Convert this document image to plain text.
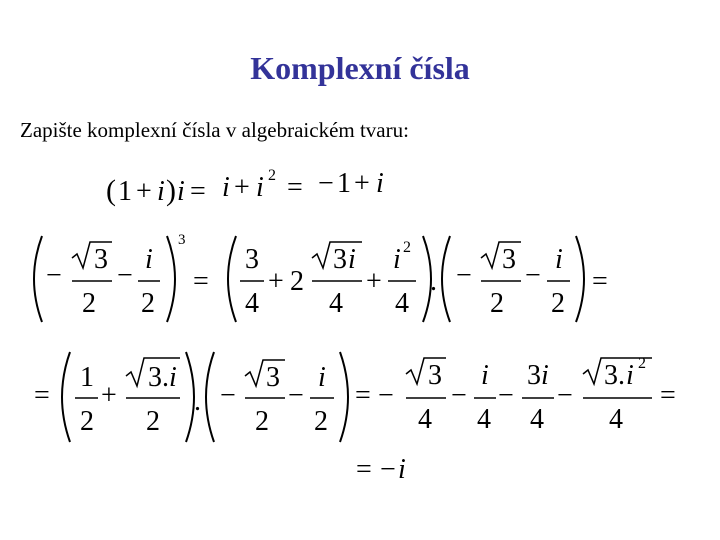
Komplexní čísla
Zapište komplexní čísla v algebraickém tvaru:
( 1 + i ) i = i + i 2 = − 1 + i
−
3
2
−
i
2
3
=
3
4
+ 2
3 i
4
+
i 2
4
. −
3
2
−
i
2
=
=
1
2
+
3 . i
2
. −
3
2
−
i
2
= −
3
4
−
i
4
−
3 i
4
−
3 . i 2
4
=
= − i
